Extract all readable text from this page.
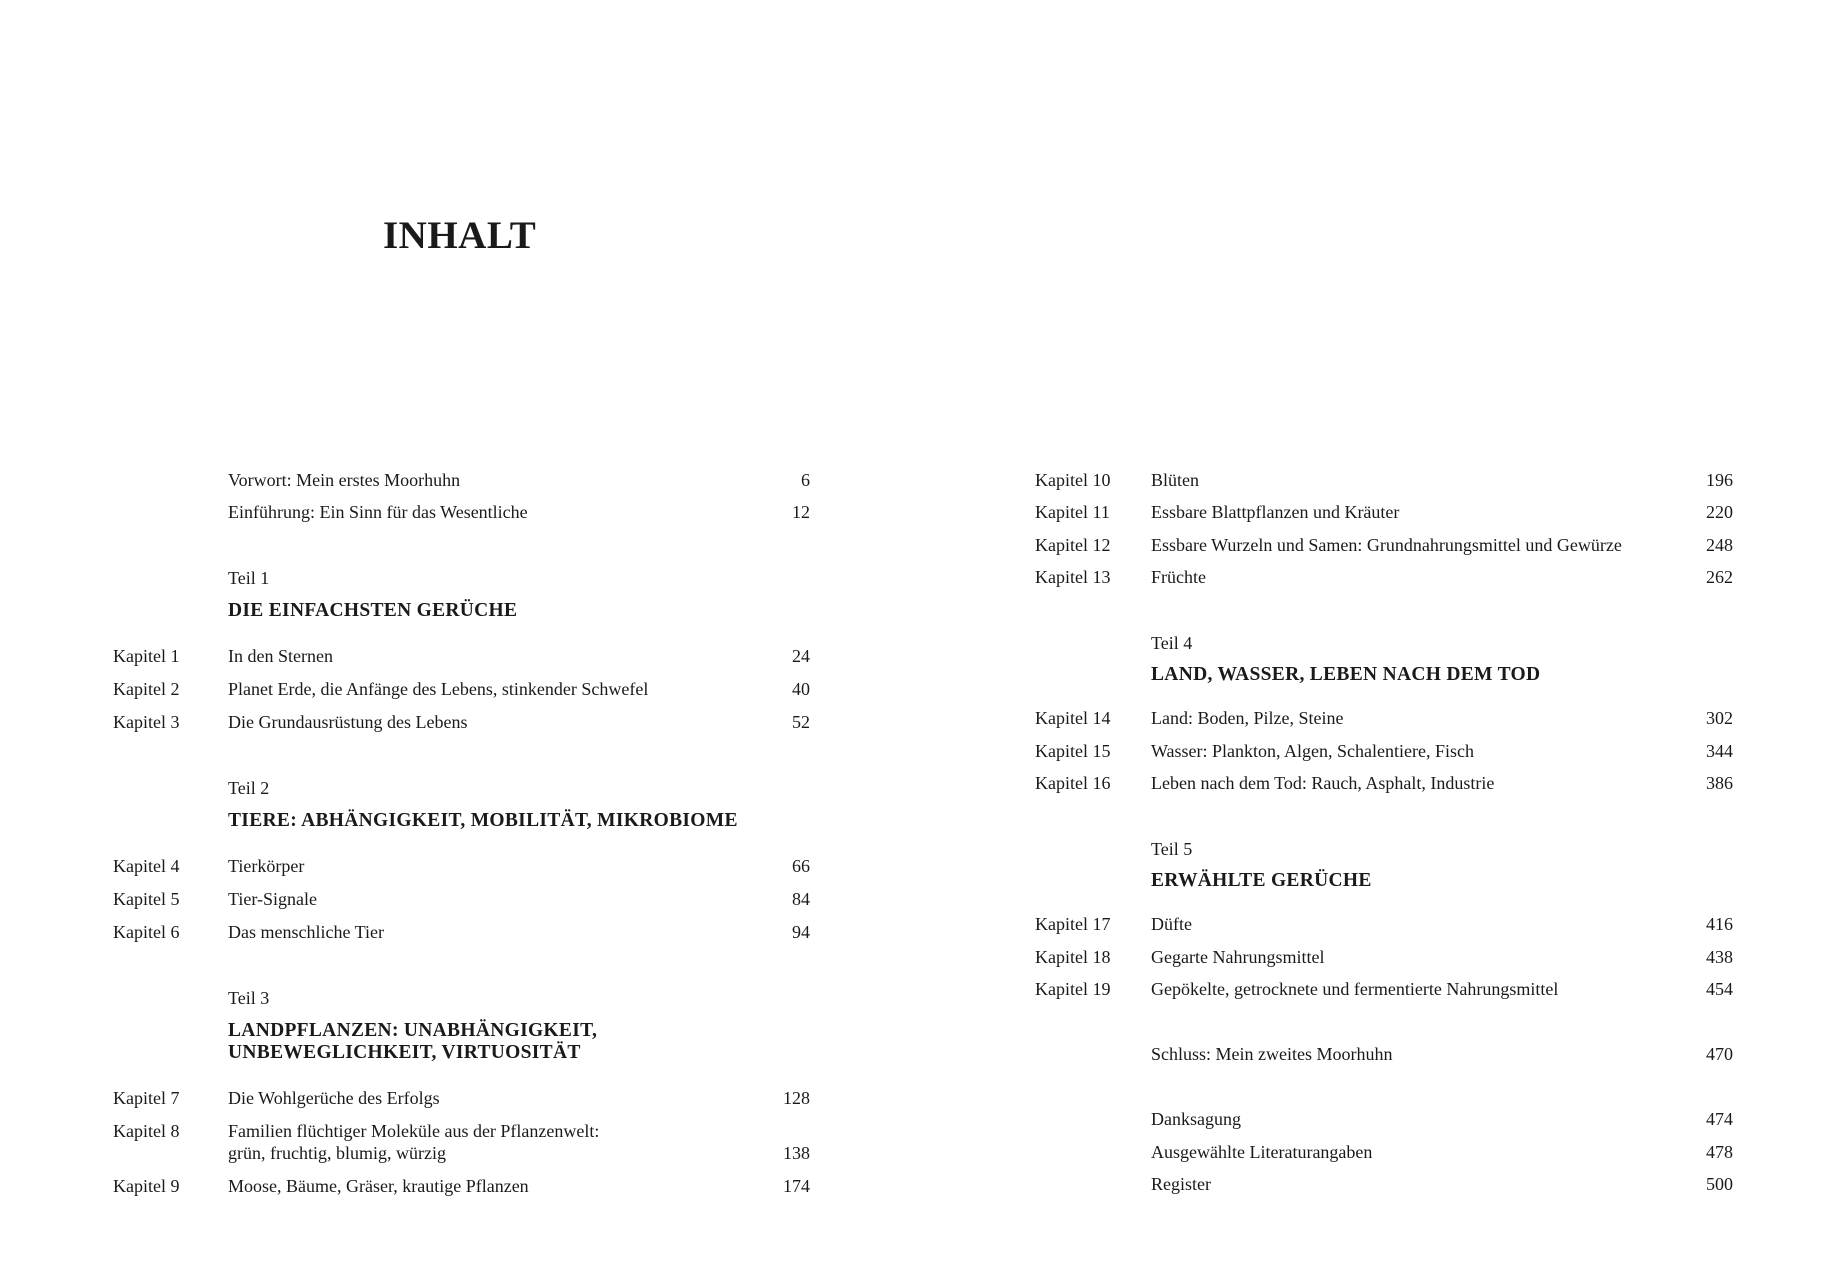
INHALT
Vorwort: Mein erstes Moorhuhn	6
Einführung: Ein Sinn für das Wesentliche	12
Teil 1
DIE EINFACHSTEN GERÜCHE
Kapitel 1	In den Sternen	24
Kapitel 2	Planet Erde, die Anfänge des Lebens, stinkender Schwefel	40
Kapitel 3	Die Grundausrüstung des Lebens	52
Teil 2
TIERE: ABHÄNGIGKEIT, MOBILITÄT, MIKROBIOME
Kapitel 4	Tierkörper	66
Kapitel 5	Tier-Signale	84
Kapitel 6	Das menschliche Tier	94
Teil 3
LANDPFLANZEN: UNABHÄNGIGKEIT,
UNBEWEGLICHKEIT, VIRTUOSITÄT
Kapitel 7	Die Wohlgerüche des Erfolgs	128
Kapitel 8	Familien flüchtiger Moleküle aus der Pflanzenwelt:
grün, fruchtig, blumig, würzig	138
Kapitel 9	Moose, Bäume, Gräser, krautige Pflanzen	174
Kapitel 10 Blüten	196
Kapitel 11 Essbare Blattpflanzen und Kräuter	220
Kapitel 12 Essbare Wurzeln und Samen: Grundnahrungsmittel und Gewürze	248
Kapitel 13 Früchte	262
Teil 4
LAND, WASSER, LEBEN NACH DEM TOD
Kapitel 14 Land: Boden, Pilze, Steine	302
Kapitel 15 Wasser: Plankton, Algen, Schalentiere, Fisch	344
Kapitel 16 Leben nach dem Tod: Rauch, Asphalt, Industrie	386
Teil 5
ERWÄHLTE GERÜCHE
Kapitel 17 Düfte	416
Kapitel 18 Gegarte Nahrungsmittel	438
Kapitel 19 Gepökelte, getrocknete und fermentierte Nahrungsmittel	454
Schluss: Mein zweites Moorhuhn	470
Danksagung	474
Ausgewählte Literaturangaben	478
Register	500
